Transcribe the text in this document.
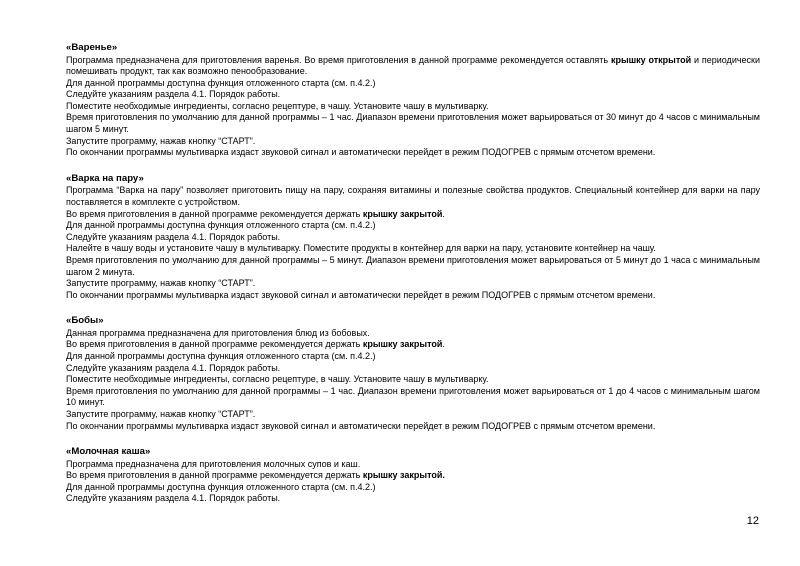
«Варенье»

Программа предназначена для приготовления варенья. Во время приготовления в данной программе рекомендуется оставлять крышку открытой и периодически помешивать продукт, так как возможно пенообразование.

Для данной программы доступна функция отложенного старта (см. п.4.2.)

Следуйте указаниям раздела 4.1. Порядок работы.

Поместите необходимые ингредиенты, согласно рецептуре, в чашу. Установите чашу в мультиварку.

Время приготовления по умолчанию для данной программы – 1 час. Диапазон времени приготовления может варьироваться от 30 минут до 4 часов с минимальным шагом 5 минут.

Запустите программу, нажав кнопку “СТАРТ”.

По окончании программы мультиварка издаст звуковой сигнал и автоматически перейдет в режим ПОДОГРЕВ с прямым отсчетом времени.

«Варка на пару»

Программа “Варка на пару” позволяет приготовить пищу на пару, сохраняя витамины и полезные свойства продуктов. Специальный контейнер для варки на пару поставляется в комплекте с устройством.

Во время приготовления в данной программе рекомендуется держать крышку закрытой.

Для данной программы доступна функция отложенного старта (см. п.4.2.)

Следуйте указаниям раздела 4.1. Порядок работы.

Налейте в чашу воды и установите чашу в мультиварку. Поместите продукты в контейнер для варки на пару, установите контейнер на чашу.

Время приготовления по умолчанию для данной программы – 5 минут. Диапазон времени приготовления может варьироваться от 5 минут до 1 часа с минимальным шагом 2 минута.

Запустите программу, нажав кнопку “СТАРТ”.

По окончании программы мультиварка издаст звуковой сигнал и автоматически перейдет в режим ПОДОГРЕВ с прямым отсчетом времени.

«Бобы»

Данная программа предназначена для приготовления блюд из бобовых.

Во время приготовления в данной программе рекомендуется держать крышку закрытой.

Для данной программы доступна функция отложенного старта (см. п.4.2.)

Следуйте указаниям раздела 4.1. Порядок работы.

Поместите необходимые ингредиенты, согласно рецептуре, в чашу. Установите чашу в мультиварку.

Время приготовления по умолчанию для данной программы – 1 час. Диапазон времени приготовления может варьироваться от 1 до 4 часов с минимальным шагом 10 минут.

Запустите программу, нажав кнопку “СТАРТ”.

По окончании программы мультиварка издаст звуковой сигнал и автоматически перейдет в режим ПОДОГРЕВ с прямым отсчетом времени.

«Молочная каша»

Программа предназначена для приготовления молочных супов и каш.

Во время приготовления в данной программе рекомендуется держать крышку закрытой.

Для данной программы доступна функция отложенного старта (см. п.4.2.)

Следуйте указаниям раздела 4.1. Порядок работы.

12
